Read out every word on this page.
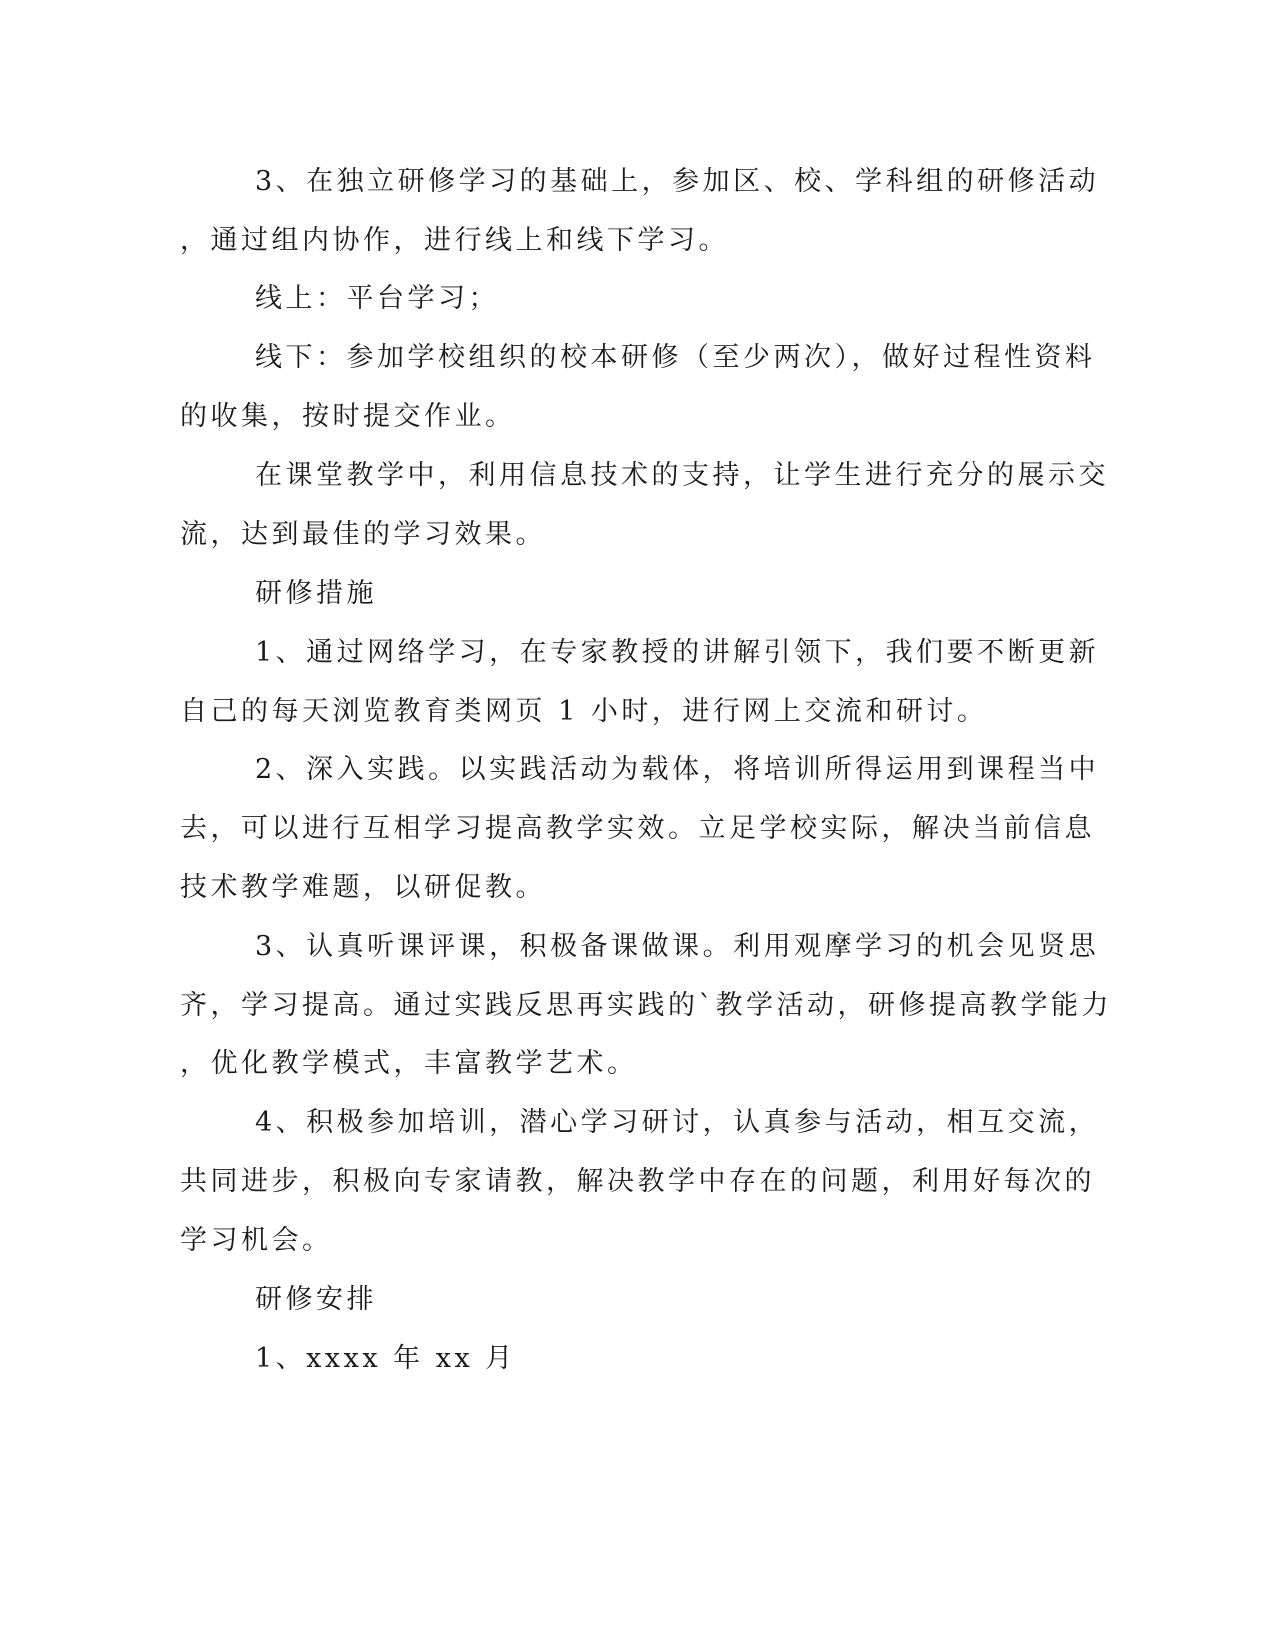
3、在独立研修学习的基础上，参加区、校、学科组的研修活动
，通过组内协作，进行线上和线下学习。
线上：平台学习；
线下：参加学校组织的校本研修（至少两次），做好过程性资料
的收集，按时提交作业。
在课堂教学中，利用信息技术的支持，让学生进行充分的展示交
流，达到最佳的学习效果。
研修措施
1、通过网络学习，在专家教授的讲解引领下，我们要不断更新
自己的每天浏览教育类网页 1 小时，进行网上交流和研讨。
2、深入实践。以实践活动为载体，将培训所得运用到课程当中
去，可以进行互相学习提高教学实效。立足学校实际，解决当前信息
技术教学难题，以研促教。
3、认真听课评课，积极备课做课。利用观摩学习的机会见贤思
齐，学习提高。通过实践反思再实践的`教学活动，研修提高教学能力
，优化教学模式，丰富教学艺术。
4、积极参加培训，潜心学习研讨，认真参与活动，相互交流，
共同进步，积极向专家请教，解决教学中存在的问题，利用好每次的
学习机会。
研修安排
1、xxxx 年 xx 月
